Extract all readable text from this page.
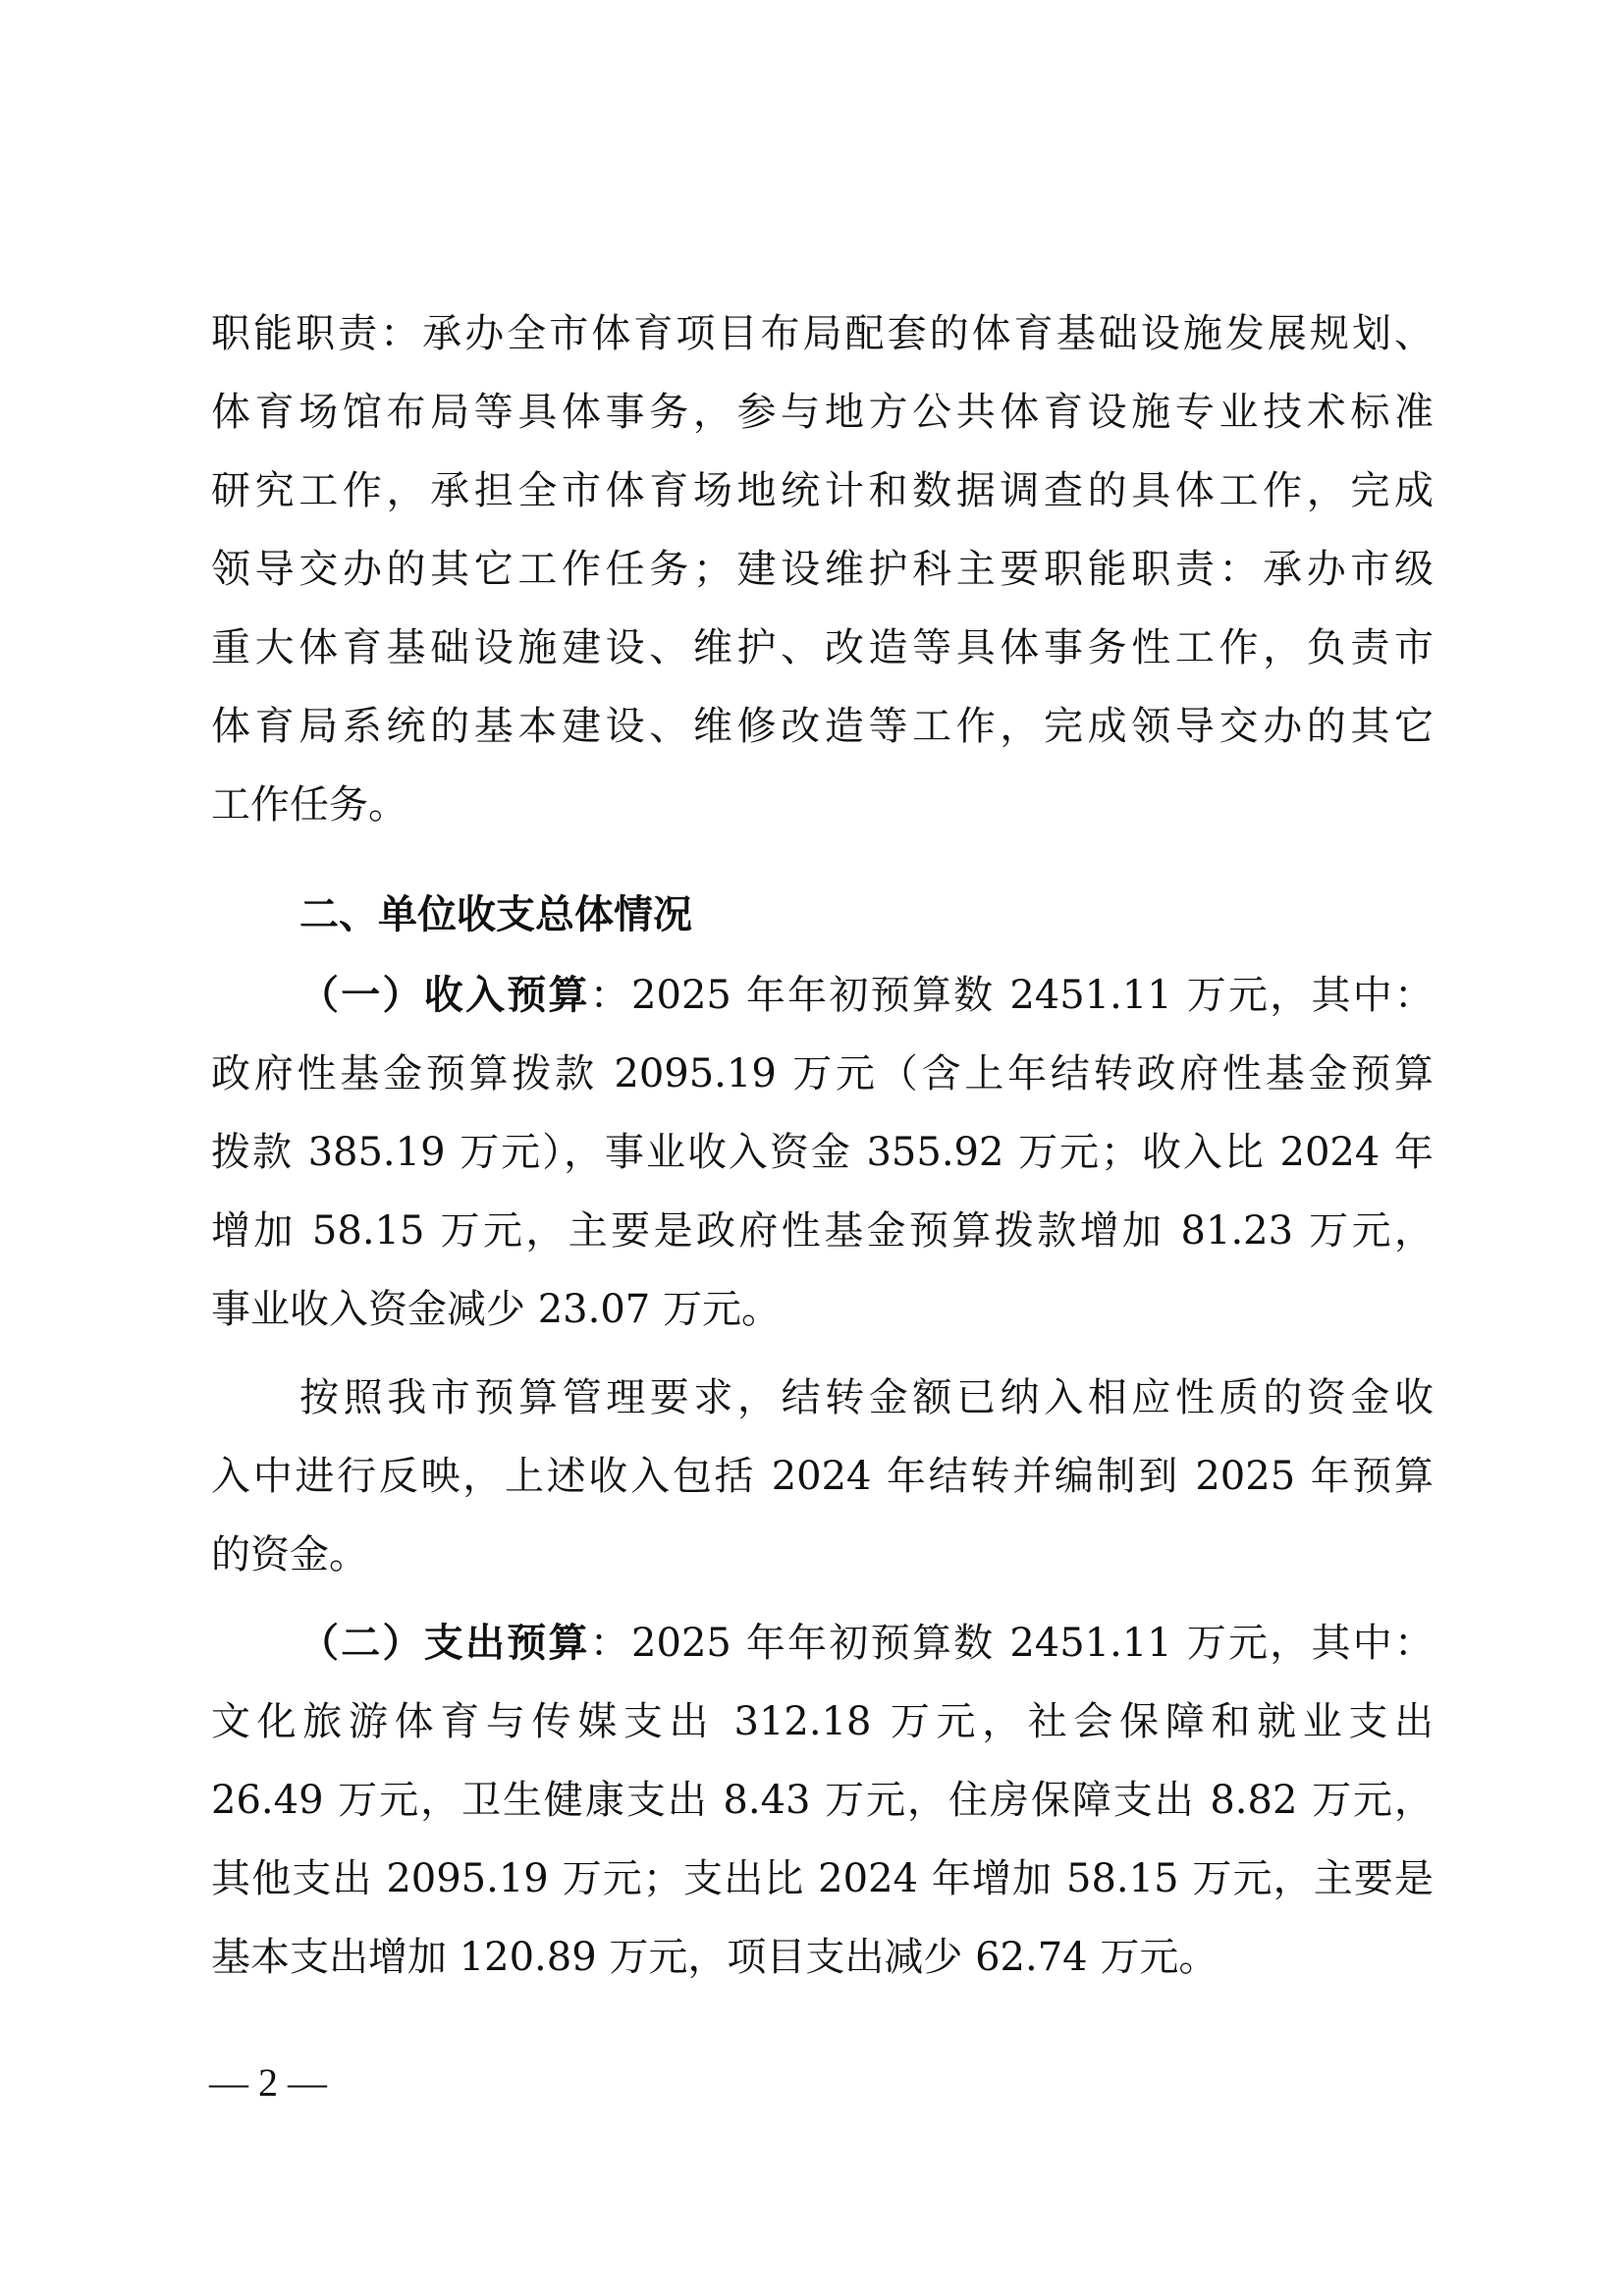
职能职责：承办全市体育项目布局配套的体育基础设施发展规划、
体育场馆布局等具体事务，参与地方公共体育设施专业技术标准
研究工作，承担全市体育场地统计和数据调查的具体工作，完成
领导交办的其它工作任务；建设维护科主要职能职责：承办市级
重大体育基础设施建设、维护、改造等具体事务性工作，负责市
体育局系统的基本建设、维修改造等工作，完成领导交办的其它
工作任务。
二、单位收支总体情况
（一）收入预算：2025 年年初预算数 2451.11 万元，其中：
政府性基金预算拨款 2095.19 万元（含上年结转政府性基金预算
拨款 385.19 万元），事业收入资金 355.92 万元；收入比 2024 年
增加 58.15 万元，主要是政府性基金预算拨款增加 81.23 万元，
事业收入资金减少 23.07 万元。
按照我市预算管理要求，结转金额已纳入相应性质的资金收
入中进行反映，上述收入包括 2024 年结转并编制到 2025 年预算
的资金。
（二）支出预算：2025 年年初预算数 2451.11 万元，其中：
文化旅游体育与传媒支出 312.18 万元，社会保障和就业支出
26.49 万元，卫生健康支出 8.43 万元，住房保障支出 8.82 万元，
其他支出 2095.19 万元；支出比 2024 年增加 58.15 万元，主要是
基本支出增加 120.89 万元，项目支出减少 62.74 万元。
— 2 —
